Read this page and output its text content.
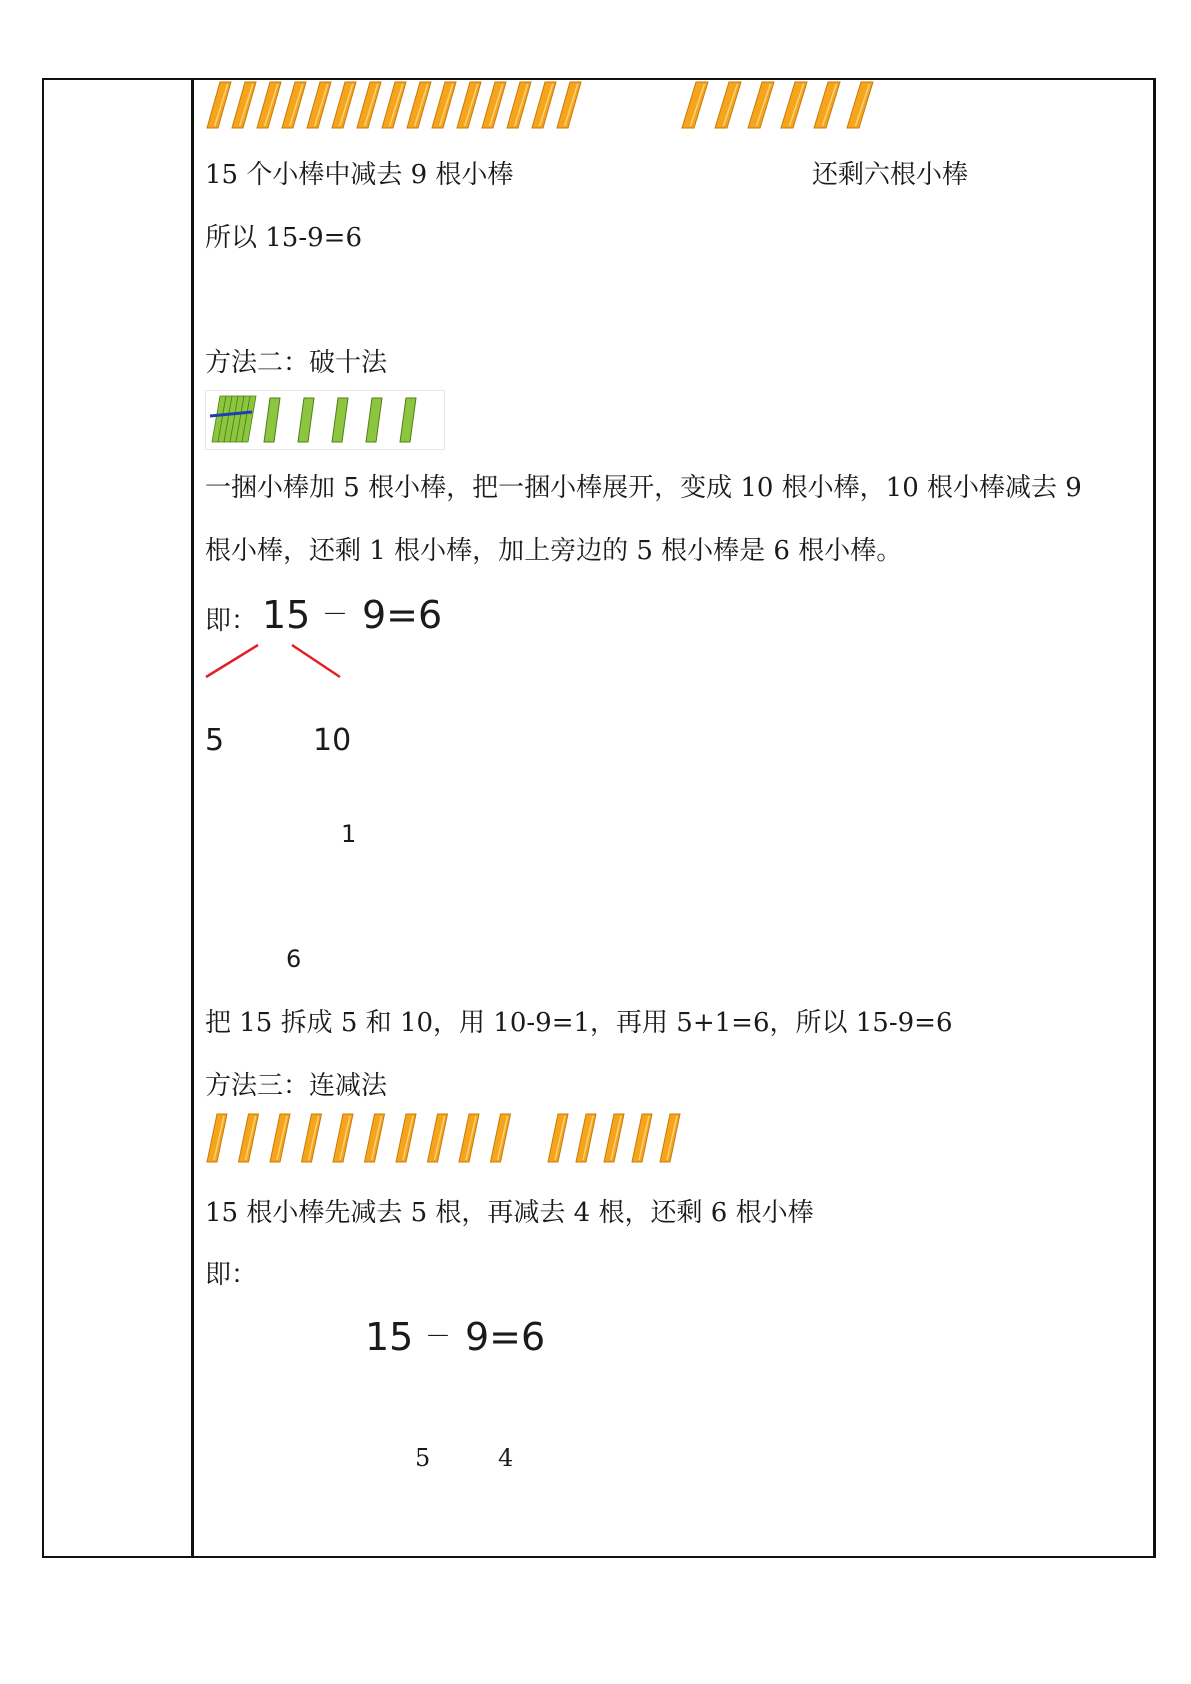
15 个小棒中减去 9 根小棒	还剩六根小棒
所以 15-9=6
方法二：破十法
一捆小棒加 5 根小棒，把一捆小棒展开，变成 10 根小棒，10 根小棒减去 9
根小棒，还剩 1 根小棒，加上旁边的 5 根小棒是 6 根小棒。
即： 15 － 9=6
5	10
1
6
把 15 拆成 5 和 10，用 10-9=1，再用 5+1=6，所以 15-9=6
方法三：连减法
15 根小棒先减去 5 根，再减去 4 根，还剩 6 根小棒
即：
15 － 9=6
5	4
